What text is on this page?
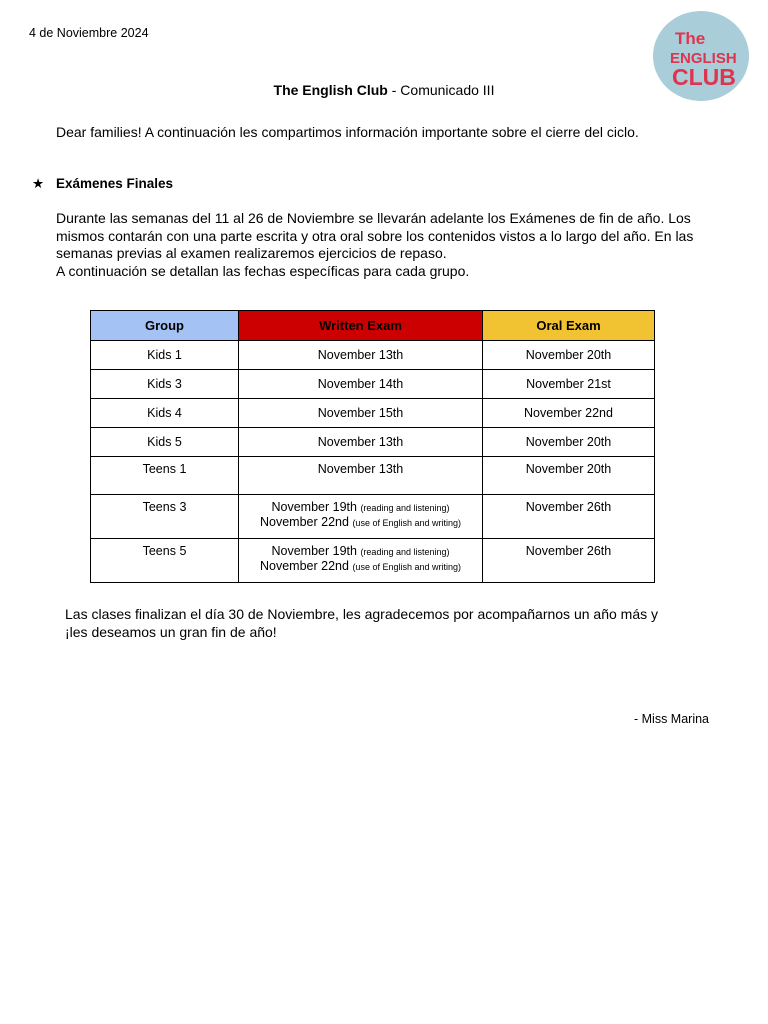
4 de Noviembre 2024	The
ENGLISH
CLUB
The English Club - Comunicado III
Dear families! A continuación les compartimos información importante sobre el cierre del ciclo.
★ Exámenes Finales
Durante las semanas del 11 al 26 de Noviembre se llevarán adelante los Exámenes de fin de año. Los
mismos contarán con una parte escrita y otra oral sobre los contenidos vistos a lo largo del año. En las
semanas previas al examen realizaremos ejercicios de repaso.
A continuación se detallan las fechas específicas para cada grupo.
Group	Written Exam	Oral Exam
Kids 1	November 13th	November 20th
Kids 3	November 14th	November 21st
Kids 4	November 15th	November 22nd
Kids 5	November 13th	November 20th
Teens 1	November 13th	November 20th
Teens 3	November 19th (reading and listening)
November 22nd (use of English and writing)	November 26th
Teens 5	November 19th (reading and listening)
November 22nd (use of English and writing)	November 26th
Las clases finalizan el día 30 de Noviembre, les agradecemos por acompañarnos un año más y
¡les deseamos un gran fin de año!
- Miss Marina
